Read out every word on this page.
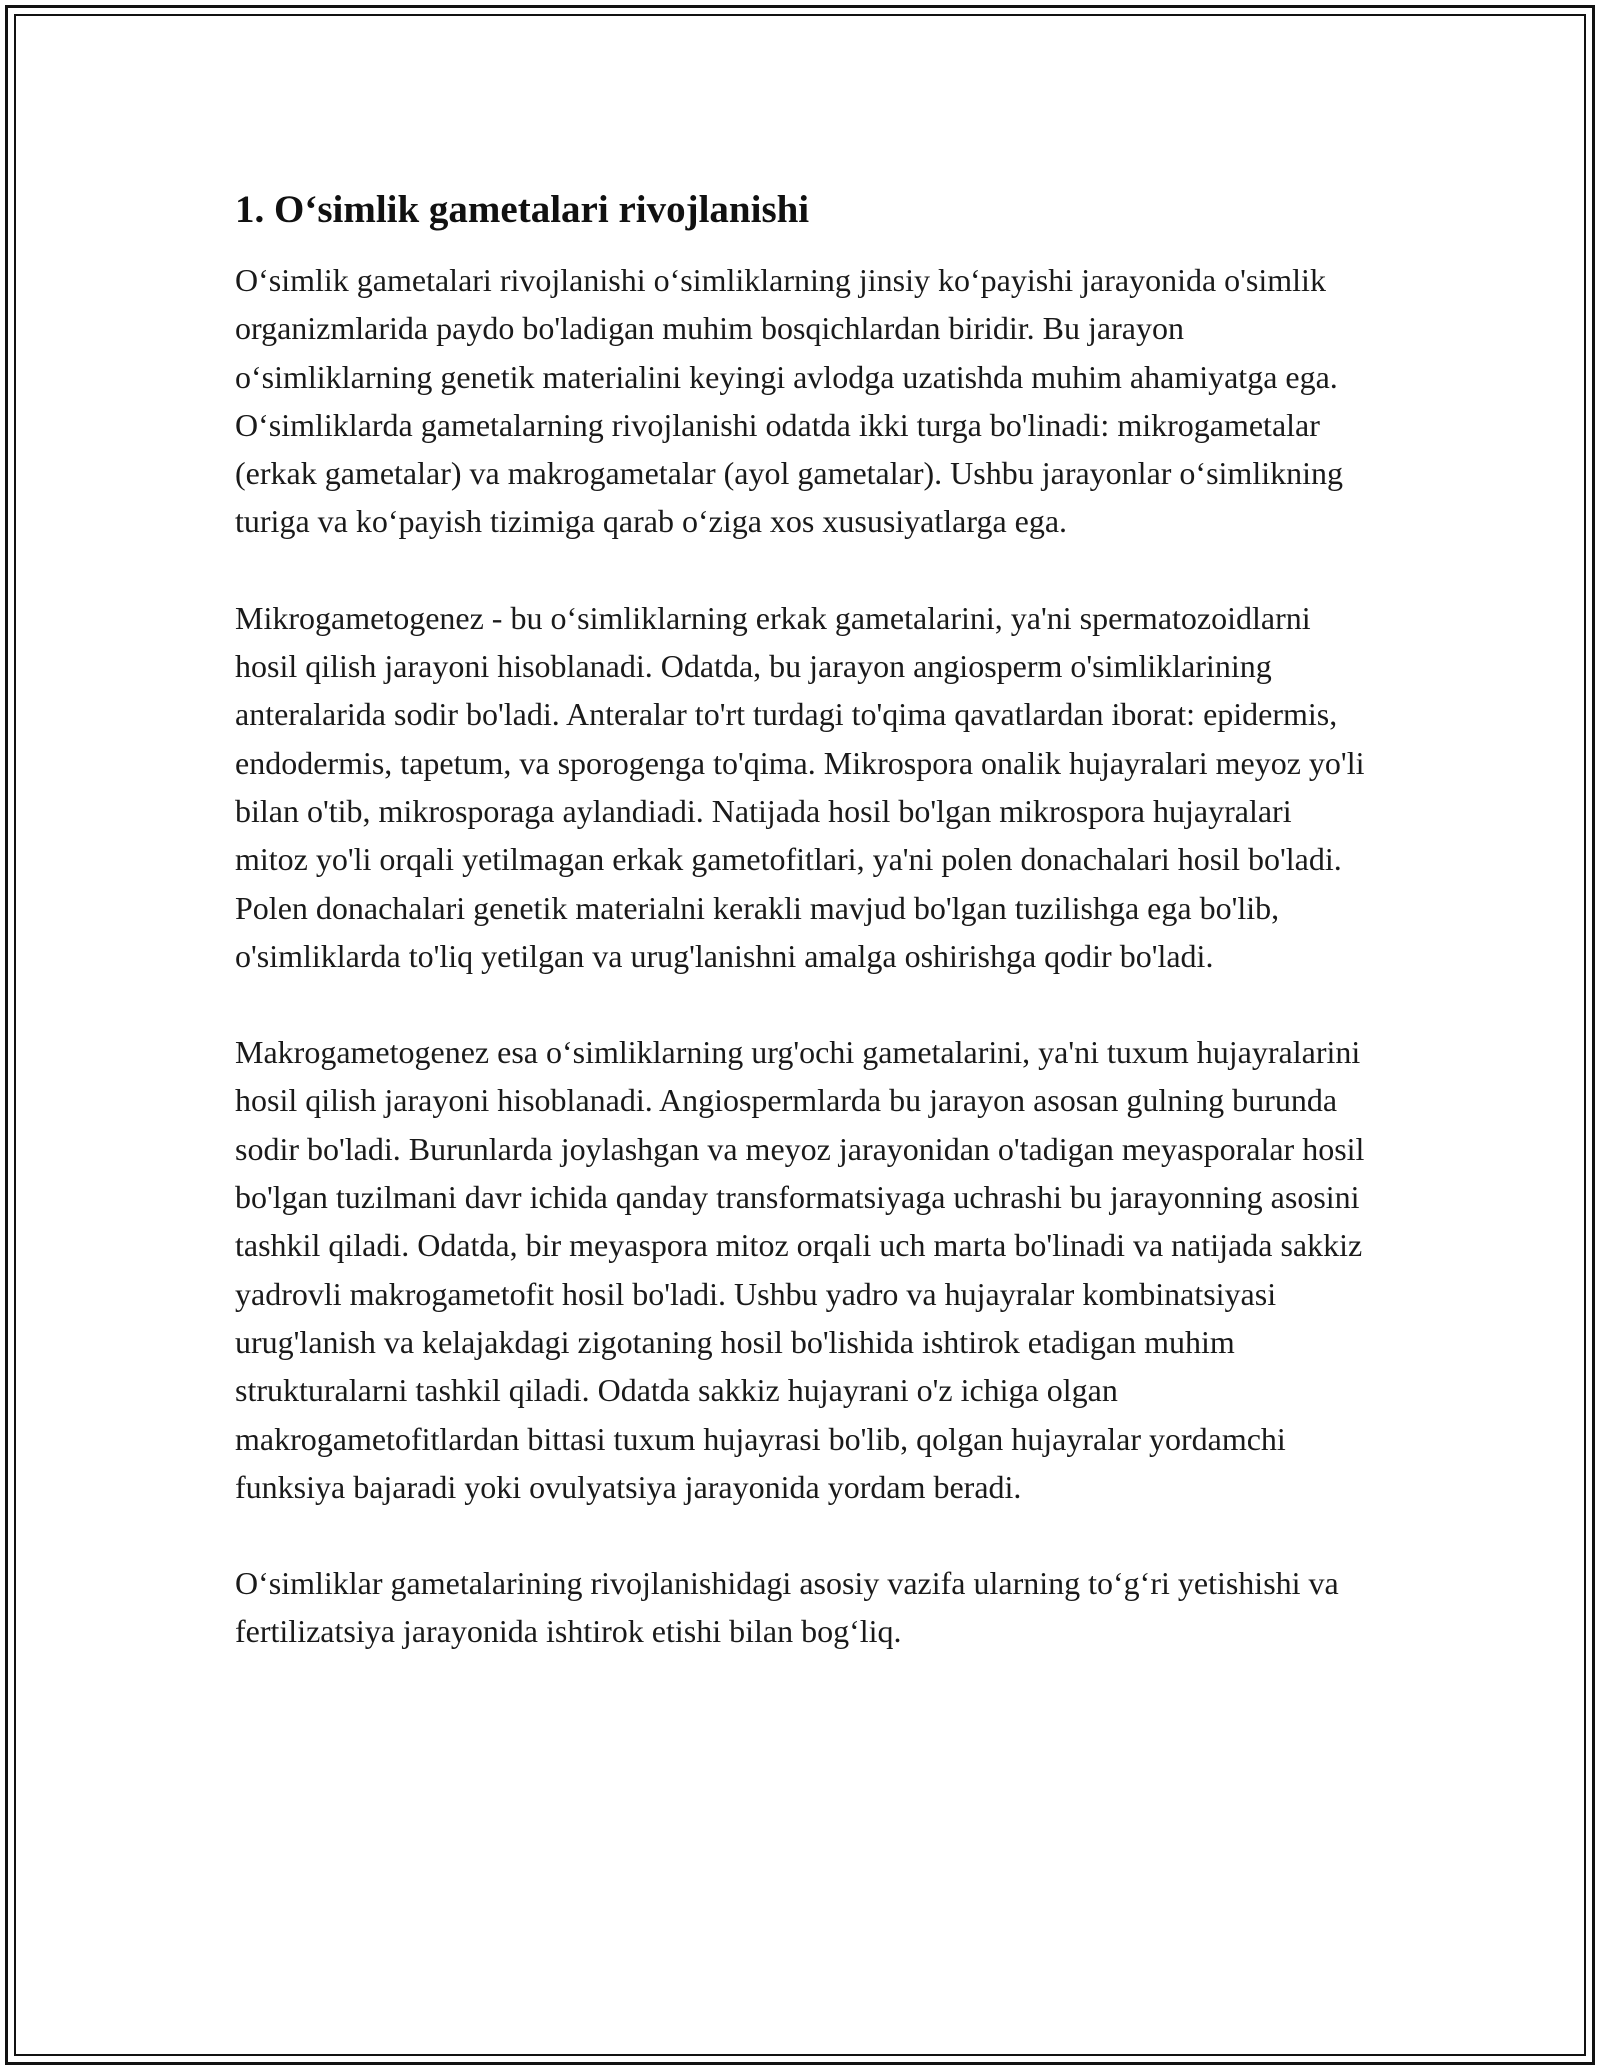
1. Oʻsimlik gametalari rivojlanishi

Oʻsimlik gametalari rivojlanishi oʻsimliklarning jinsiy koʻpayishi jarayonida o'simlik organizmlarida paydo bo'ladigan muhim bosqichlardan biridir. Bu jarayon oʻsimliklarning genetik materialini keyingi avlodga uzatishda muhim ahamiyatga ega. Oʻsimliklarda gametalarning rivojlanishi odatda ikki turga bo'linadi: mikrogametalar (erkak gametalar) va makrogametalar (ayol gametalar). Ushbu jarayonlar oʻsimlikning turiga va koʻpayish tizimiga qarab oʻziga xos xususiyatlarga ega.

Mikrogametogenez - bu oʻsimliklarning erkak gametalarini, ya'ni spermatozoidlarni hosil qilish jarayoni hisoblanadi. Odatda, bu jarayon angiosperm o'simliklarining anteralarida sodir bo'ladi. Anteralar to'rt turdagi to'qima qavatlardan iborat: epidermis, endodermis, tapetum, va sporogenga to'qima. Mikrospora onalik hujayralari meyoz yo'li bilan o'tib, mikrosporaga aylandiadi. Natijada hosil bo'lgan mikrospora hujayralari mitoz yo'li orqali yetilmagan erkak gametofitlari, ya'ni polen donachalari hosil bo'ladi. Polen donachalari genetik materialni kerakli mavjud bo'lgan tuzilishga ega bo'lib, o'simliklarda to'liq yetilgan va urug'lanishni amalga oshirishga qodir bo'ladi.

Makrogametogenez esa oʻsimliklarning urg'ochi gametalarini, ya'ni tuxum hujayralarini hosil qilish jarayoni hisoblanadi. Angiospermlarda bu jarayon asosan gulning burunda sodir bo'ladi. Burunlarda joylashgan va meyoz jarayonidan o'tadigan meyasporalar hosil bo'lgan tuzilmani davr ichida qanday transformatsiyaga uchrashi bu jarayonning asosini tashkil qiladi. Odatda, bir meyaspora mitoz orqali uch marta bo'linadi va natijada sakkiz yadrovli makrogametofit hosil bo'ladi. Ushbu yadro va hujayralar kombinatsiyasi urug'lanish va kelajakdagi zigotaning hosil bo'lishida ishtirok etadigan muhim strukturalarni tashkil qiladi. Odatda sakkiz hujayrani o'z ichiga olgan makrogametofitlardan bittasi tuxum hujayrasi bo'lib, qolgan hujayralar yordamchi funksiya bajaradi yoki ovulyatsiya jarayonida yordam beradi.

Oʻsimliklar gametalarining rivojlanishidagi asosiy vazifa ularning toʻgʻri yetishishi va fertilizatsiya jarayonida ishtirok etishi bilan bogʻliq.
